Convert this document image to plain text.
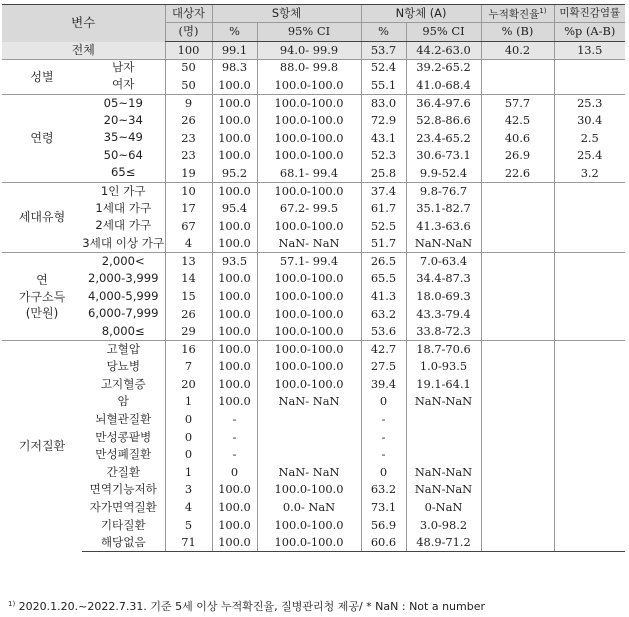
변수		대상자	S항체		N항체 (A)		누적확진율$^{1)}$	미확진감염률
		(명)	%	95% CI	%	95% CI	% (B)	%p (A-B)
전체		100	99.1	94.0- 99.9	53.7	44.2-63.0	40.2	13.5
성별	남자	50	98.3	88.0- 99.8	52.4	39.2-65.2		
	여자	50	100.0	100.0-100.0	55.1	41.0-68.4		
연령	05~19	9	100.0	100.0-100.0	83.0	36.4-97.6	57.7	25.3
	20~34	26	100.0	100.0-100.0	72.9	52.8-86.6	42.5	30.4
	35~49	23	100.0	100.0-100.0	43.1	23.4-65.2	40.6	2.5
	50~64	23	100.0	100.0-100.0	52.3	30.6-73.1	26.9	25.4
	65≤	19	95.2	68.1- 99.4	25.8	9.9-52.4	22.6	3.2
세대유형	1인 가구	10	100.0	100.0-100.0	37.4	9.8-76.7		
	1세대 가구	17	95.4	67.2- 99.5	61.7	35.1-82.7		
	2세대 가구	67	100.0	100.0-100.0	52.5	41.3-63.6		
	3세대 이상 가구	4	100.0	NaN- NaN	51.7	NaN-NaN		
연
가구소득
(만원)	2,000<	13	93.5	57.1- 99.4	26.5	7.0-63.4		
	2,000-3,999	14	100.0	100.0-100.0	65.5	34.4-87.3		
	4,000-5,999	15	100.0	100.0-100.0	41.3	18.0-69.3		
	6,000-7,999	26	100.0	100.0-100.0	63.2	43.3-79.4		
	8,000≤	29	100.0	100.0-100.0	53.6	33.8-72.3		
기저질환	고혈압	16	100.0	100.0-100.0	42.7	18.7-70.6		
	당뇨병	7	100.0	100.0-100.0	27.5	1.0-93.5		
	고지혈증	20	100.0	100.0-100.0	39.4	19.1-64.1		
	암	1	100.0	NaN- NaN	0	NaN-NaN		
	뇌혈관질환	0	-		-			
	만성콩팥병	0	-		-			
	만성폐질환	0	-		-			
	간질환	1	0	NaN- NaN	0	NaN-NaN		
	면역기능저하	3	100.0	100.0-100.0	63.2	NaN-NaN		
	자가면역질환	4	100.0	0.0- NaN	73.1	0-NaN		
	기타질환	5	100.0	100.0-100.0	56.9	3.0-98.2		
	해당없음	71	100.0	100.0-100.0	60.6	48.9-71.2		
$^{1)}$ 2020.1.20.~2022.7.31. 기준 5세 이상 누적확진율, 질병관리청 제공/ * NaN : Not a number
